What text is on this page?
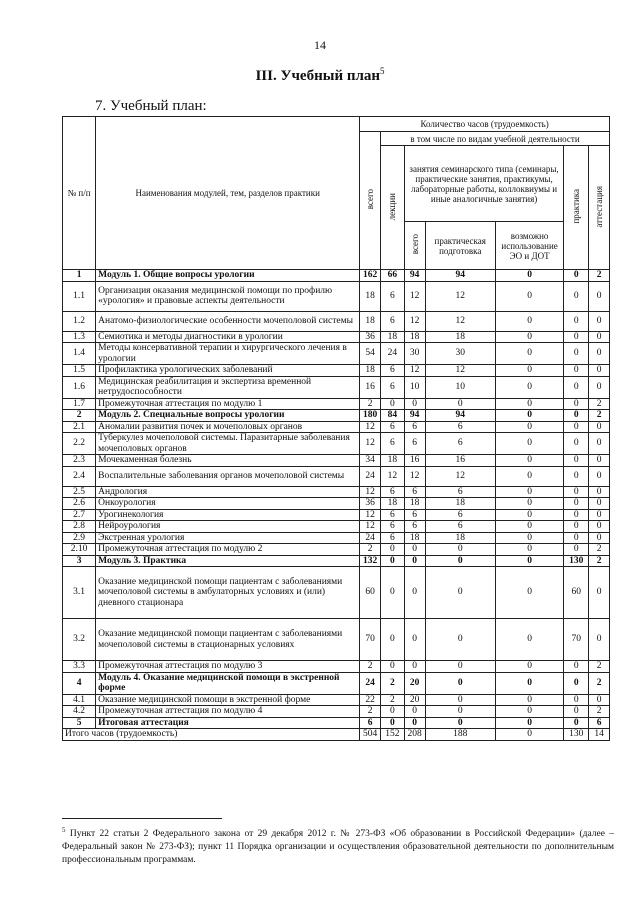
14
III. Учебный план$^5$
7. Учебный план:
№ п/п	Наименования модулей, тем, разделов практики	Количество часов (трудоемкость)						
		всего	в том числе по видам учебной деятельности					
			лекции	занятия семинарского типа (семинары, практические занятия, практикумы, лабораторные работы, коллоквиумы и иные аналогичные занятия)			практика	аттестация
				всего	практическая подготовка	возможно использование ЭО и ДОТ		
1	Модуль 1. Общие вопросы урологии	162	66	94	94	0	0	2
1.1	Организация оказания медицинской помощи по профилю «урология» и правовые аспекты деятельности	18	6	12	12	0	0	0
1.2	Анатомо-физиологические особенности мочеполовой системы	18	6	12	12	0	0	0
1.3	Семиотика и методы диагностики в урологии	36	18	18	18	0	0	0
1.4	Методы консервативной терапии и хирургического лечения в урологии	54	24	30	30	0	0	0
1.5	Профилактика урологических заболеваний	18	6	12	12	0	0	0
1.6	Медицинская реабилитация и экспертиза временной нетрудоспособности	16	6	10	10	0	0	0
1.7	Промежуточная аттестация по модулю 1	2	0	0	0	0	0	2
2	Модуль 2. Специальные вопросы урологии	180	84	94	94	0	0	2
2.1	Аномалии развития почек и мочеполовых органов	12	6	6	6	0	0	0
2.2	Туберкулез мочеполовой системы. Паразитарные заболевания мочеполовых органов	12	6	6	6	0	0	0
2.3	Мочекаменная болезнь	34	18	16	16	0	0	0
2.4	Воспалительные заболевания органов мочеполовой системы	24	12	12	12	0	0	0
2.5	Андрология	12	6	6	6	0	0	0
2.6	Онкоурология	36	18	18	18	0	0	0
2.7	Урогинекология	12	6	6	6	0	0	0
2.8	Нейроурология	12	6	6	6	0	0	0
2.9	Экстренная урология	24	6	18	18	0	0	0
2.10	Промежуточная аттестация по модулю 2	2	0	0	0	0	0	2
3	Модуль 3. Практика	132	0	0	0	0	130	2
3.1	Оказание медицинской помощи пациентам с заболеваниями мочеполовой системы в амбулаторных условиях и (или) дневного стационара	60	0	0	0	0	60	0
3.2	Оказание медицинской помощи пациентам с заболеваниями мочеполовой системы в стационарных условиях	70	0	0	0	0	70	0
3.3	Промежуточная аттестация по модулю 3	2	0	0	0	0	0	2
4	Модуль 4. Оказание медицинской помощи в экстренной форме	24	2	20	0	0	0	2
4.1	Оказание медицинской помощи в экстренной форме	22	2	20	0	0	0	0
4.2	Промежуточная аттестация по модулю 4	2	0	0	0	0	0	2
5	Итоговая аттестация	6	0	0	0	0	0	6
Итого часов (трудоемкость)		504	152	208	188	0	130	14
$^5$ Пункт 22 статьи 2 Федерального закона от 29 декабря 2012 г. № 273-ФЗ «Об образовании в Российской Федерации» (далее – Федеральный закон № 273-ФЗ); пункт 11 Порядка организации и осуществления образовательной деятельности по дополнительным профессиональным программам.
